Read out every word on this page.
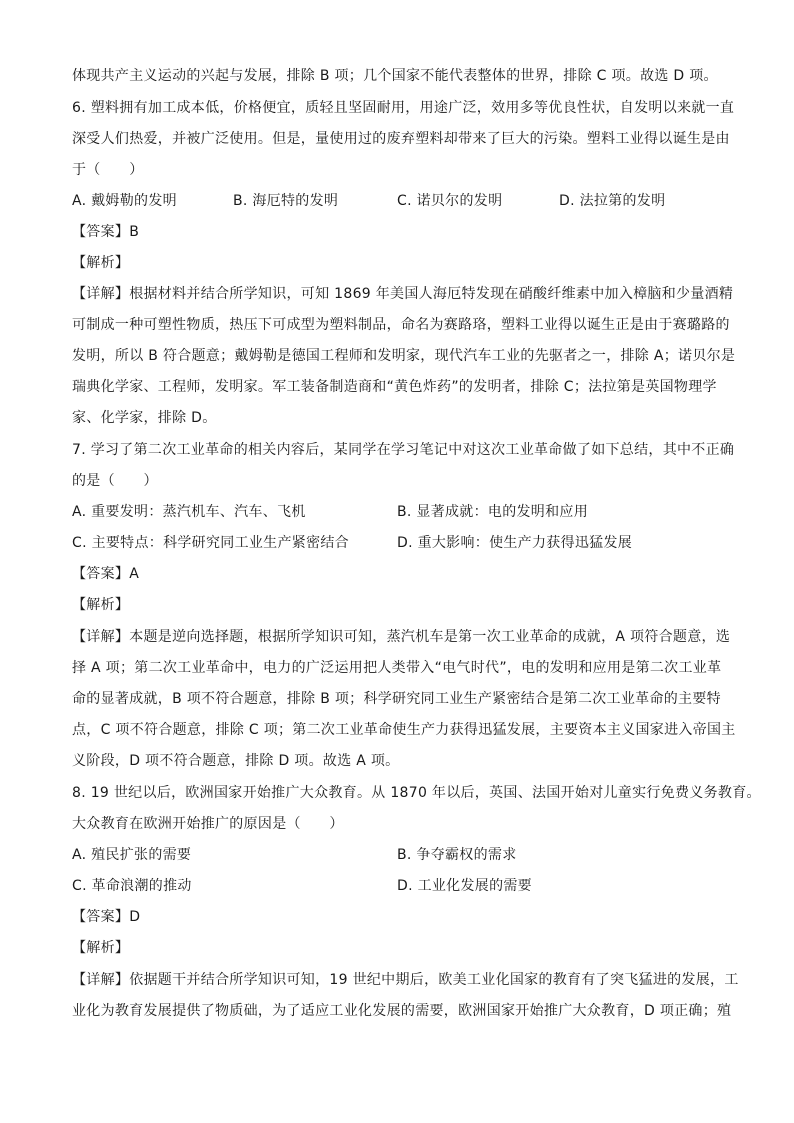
体现共产主义运动的兴起与发展，排除 B 项；几个国家不能代表整体的世界，排除 C 项。故选 D 项。
6. 塑料拥有加工成本低，价格便宜，质轻且坚固耐用，用途广泛，效用多等优良性状，自发明以来就一直
深受人们热爱，并被广泛使用。但是，量使用过的废弃塑料却带来了巨大的污染。塑料工业得以诞生是由
于（　　）
A. 戴姆勒的发明	B. 海厄特的发明	C. 诺贝尔的发明	D. 法拉第的发明
【答案】B
【解析】
【详解】根据材料并结合所学知识，可知 1869 年美国人海厄特发现在硝酸纤维素中加入樟脑和少量酒精
可制成一种可塑性物质，热压下可成型为塑料制品，命名为赛路珞，塑料工业得以诞生正是由于赛璐路的
发明，所以 B 符合题意；戴姆勒是德国工程师和发明家，现代汽车工业的先驱者之一，排除 A；诺贝尔是
瑞典化学家、工程师，发明家。军工装备制造商和“黄色炸药”的发明者，排除 C；法拉第是英国物理学
家、化学家，排除 D。
7. 学习了第二次工业革命的相关内容后，某同学在学习笔记中对这次工业革命做了如下总结，其中不正确
的是（　　）
A. 重要发明：蒸汽机车、汽车、飞机	B. 显著成就：电的发明和应用
C. 主要特点：科学研究同工业生产紧密结合	D. 重大影响：使生产力获得迅猛发展
【答案】A
【解析】
【详解】本题是逆向选择题，根据所学知识可知，蒸汽机车是第一次工业革命的成就，A 项符合题意，选
择 A 项；第二次工业革命中，电力的广泛运用把人类带入“电气时代”，电的发明和应用是第二次工业革
命的显著成就，B 项不符合题意，排除 B 项；科学研究同工业生产紧密结合是第二次工业革命的主要特
点，C 项不符合题意，排除 C 项；第二次工业革命使生产力获得迅猛发展，主要资本主义国家进入帝国主
义阶段，D 项不符合题意，排除 D 项。故选 A 项。
8. 19 世纪以后，欧洲国家开始推广大众教育。从 1870 年以后，英国、法国开始对儿童实行免费义务教育。
大众教育在欧洲开始推广的原因是（　　）
A. 殖民扩张的需要	B. 争夺霸权的需求
C. 革命浪潮的推动	D. 工业化发展的需要
【答案】D
【解析】
【详解】依据题干并结合所学知识可知，19 世纪中期后，欧美工业化国家的教育有了突飞猛进的发展，工
业化为教育发展提供了物质础，为了适应工业化发展的需要，欧洲国家开始推广大众教育，D 项正确；殖
